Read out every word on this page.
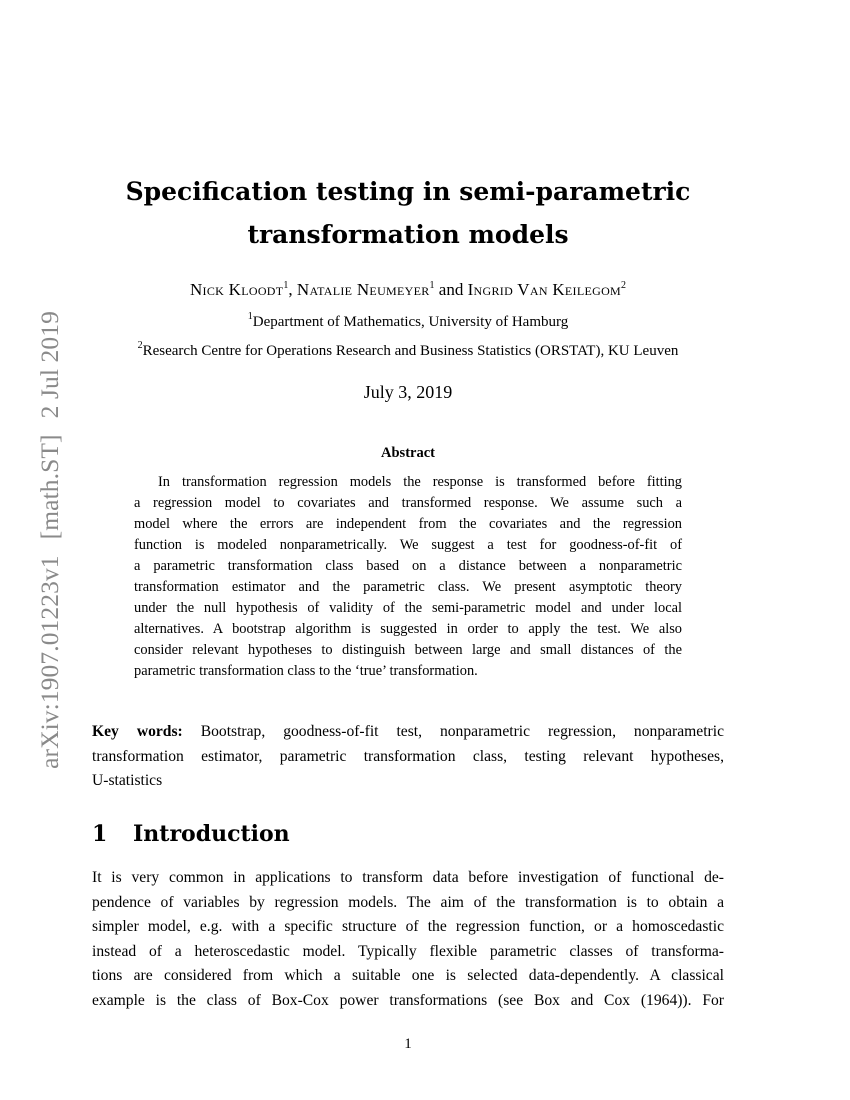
arXiv:1907.01223v1[math.ST]2 Jul 2019
Specification testing in semi-parametric
transformation models
Nick Kloodt$^1$, Natalie Neumeyer$^1$ and Ingrid Van Keilegom$^2$
$^1$Department of Mathematics, University of Hamburg
$^2$Research Centre for Operations Research and Business Statistics (ORSTAT), KU Leuven
July 3, 2019
Abstract
In transformation regression models the response is transformed before fitting
a regression model to covariates and transformed response. We assume such a
model where the errors are independent from the covariates and the regression
function is modeled nonparametrically. We suggest a test for goodness-of-fit of
a parametric transformation class based on a distance between a nonparametric
transformation estimator and the parametric class. We present asymptotic theory
under the null hypothesis of validity of the semi-parametric model and under local
alternatives. A bootstrap algorithm is suggested in order to apply the test. We also
consider relevant hypotheses to distinguish between large and small distances of the
parametric transformation class to the ‘true’ transformation.
Key words: Bootstrap, goodness-of-fit test, nonparametric regression, nonparametric
transformation estimator, parametric transformation class, testing relevant hypotheses,
U-statistics
1 Introduction
It is very common in applications to transform data before investigation of functional de-
pendence of variables by regression models. The aim of the transformation is to obtain a
simpler model, e.g. with a specific structure of the regression function, or a homoscedastic
instead of a heteroscedastic model. Typically flexible parametric classes of transforma-
tions are considered from which a suitable one is selected data-dependently. A classical
example is the class of Box-Cox power transformations (see Box and Cox (1964)). For
1
